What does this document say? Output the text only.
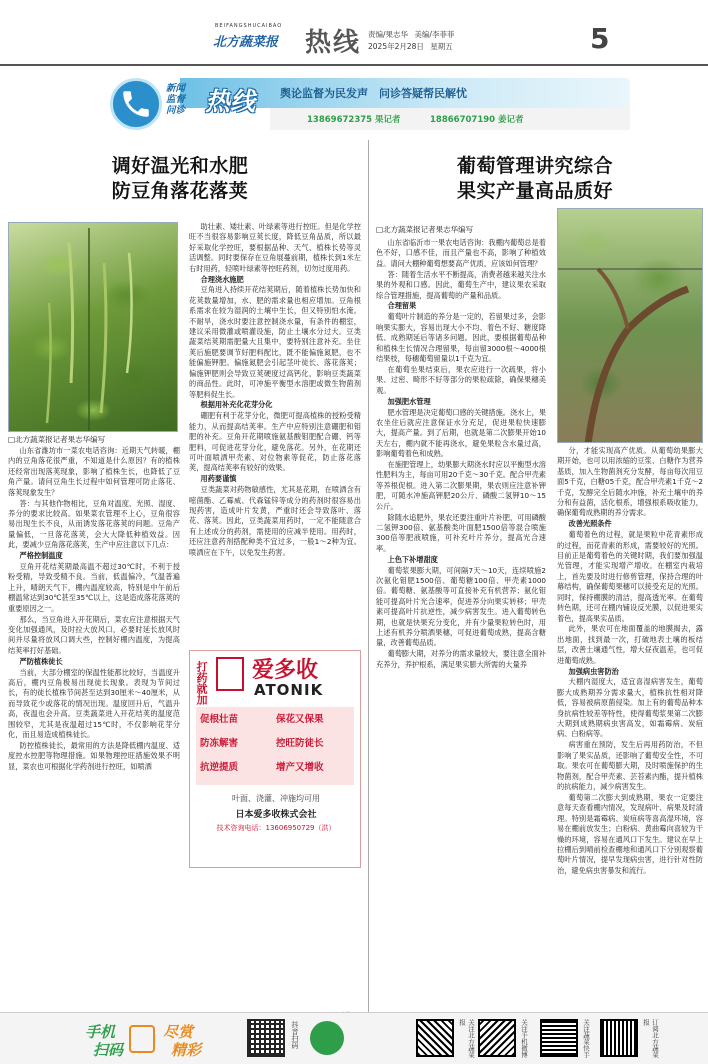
BEIFANGSHUCAIBAO
北方蔬菜报 热线 责编/果志华 美编/李菲菲
2025年2月28日 星期五	5
新闻
监督
问诊 热线 舆论监督为民发声　问诊答疑帮民解忧
13869672375 果记者	18866707190 姜记者
调好温光和水肥
防豆角落花落荚
□北方蔬菜报记者果志华编写

山东省潍坊市一菜农电话咨询：近期天气转暖，棚内的豆角落花很严重，不知道是什么原因？有的植株还经常出现落荚现象，影响了植株生长，也降低了豆角产量。请问豆角生长过程中如何管理可防止落花、落荚现象发生？

答：与其他作物相比，豆角对温度、光照、湿度、养分的要求比较高。如果菜农管理不上心，豆角很容易出现生长不良，从而诱发落花落荚的问题。豆角产量偏低，一旦落花落荚，会大大降低种植效益。因此，要减少豆角落花落荚，生产中应注意以下几点：

严格控制温度

豆角开花结荚期最高温不超过30℃时，不利于授粉受精，导致受精不良。当前，低温偏冷，气温普遍上升，晴朗天气下，棚内温度较高，特别是中午前后棚温常达到30℃甚至35℃以上，这是造成落花落荚的重要原因之一。

那么，当豆角进入开花期后，菜农应注意根据天气变化加强通风，及时拉大放风口，必要时延长放风时间并尽量将放风口调大些，控制好棚内温度，为提高结荚率打好基础。

严防植株徒长

当前，大部分棚室的保温性能都比较好，当温度升高后，棚内豆角极易出现徒长现象。表现为节间过长，有的徒长植株节间甚至达到30厘米～40厘米，从而导致花少或落花的情况出现。温度回升后，气温升高，夜温也会升高。豆类蔬菜进入开花结荚的温度范围较窄，尤其是夜温超过15℃时，不仅影响花芽分化，而且易造成植株徒长。

防控植株徒长，最常用的方法是降低棚内温度、适度控水控肥等物理措施。如果物理控旺措施效果不明显，菜农也可根据化学药剂进行控旺，如喷洒

助壮素、矮壮素、叶绿素等进行控旺。但是化学控旺不当很容易影响豆荚长度，降低豆角品质，所以最好采取化学控旺，要根据品种、天气、植株长势等灵活调整。同时要保存在豆角展蔓前期，植株长到1米左右时用药，轻喷叶绿素等控旺药剂，切勿过度用药。

合理浇水施肥

豆角进入持续开花结荚期后，随着植株长势加快和花荚数量增加，水、肥的需求量也相应增加。豆角根系需求在较为湿润的土壤中生长，但又特别怕水淹。不耐旱，浇水时要注意控制浇水量，有条件的棚室，建议采用微灌或喷灌设施，防止土壤水分过大。豆类蔬菜结荚期需肥量大且集中，要特别注意补充。坐住荚后施肥要调节好肥料配比，既不能偏施氮肥，也不能偏施钾肥。偏施氮肥会引起茎叶徒长、落花落荚；偏施钾肥则会导致豆荚硬度过高钙化，影响豆类蔬菜的商品性。此时，可冲施平衡型水溶肥或微生物菌剂等肥料促生长。

根据用补充化花芽分化

硼肥有利于花芽分化，微肥可提高植株的授粉受精能力，从而提高结荚率。生产中应特别注意硼肥和钼肥的补充。豆角开花期喷施氨基酸钼肥配合硼、钙等肥料，可促进花芽分化，避免落花。另外，在花期还可叶面喷洒甲壳素、对位物素等促花，防止落花落荚，提高结荚率有较好的效果。

用药要谨慎

豆类蔬菜对药物敏感性，尤其是花期，在喷洒含有嘧菌酯、乙霉威、代森锰锌等成分的药剂时很容易出现药害，造成叶片发黄，严重时还会导致落叶、落花、落荚。因此，豆类蔬菜用药时，一定不能随意合有上述成分的药剂，需使用的应减半使用。用药时，还应注意药剂搭配种类不宜过多，一般1～2种为宜。喷洒应在下午，以免发生药害。

打药就加 爱多收
ATONIK
促根壮苗	保花又保果
防冻解害	控旺防徒长
抗逆提质	增产又增收
叶面、浇灌、冲施均可用
日本爱多收株式会社
技术咨询电话：13606950729（洪）
葡萄管理讲究综合
果实产量高品质好
□北方蔬菜报记者果志华编写

山东省临沂市一果农电话咨询：我棚内葡萄总是着色不好，口感不佳，而且产量也不高，影响了种植效益。请问大棚种葡萄想要高产优质，应该如何管理？

答：随着生活水平不断提高，消费者越来越关注水果的外观和口感。因此，葡萄生产中，建议果农采取综合管理措施，提高葡萄的产量和品质。

合理留果

葡萄叶片制造的养分是一定的，若留果过多，会影响果实膨大，容易出现大小不均、着色不好、糖度降低、成熟期延后等诸多问题。因此，要根据葡萄品种和植株生长情况合理留果，每亩留3000根～4000根结果枝，每穗葡萄留量以1千克为宜。

在葡萄坐果结束后，果农应进行一次疏果，将小果、过密、畸形不好等部分的果粒疏除，确保果穗美观。

加强肥水管理

肥水管理是决定葡萄口感的关键措施。浇水上，果农坐住后就应注意保证水分充足，促进果粒快速膨大，提高产量。到了后期，也就是第二次膨果开始10天左右，棚内就不能再浇水，避免果粒含水量过高，影响葡萄着色和成熟。

在施肥管理上，幼果膨大期浇水时应以平衡型水溶性肥料为主，每亩可用20千克～30千克。配合甲壳素等养根促根。进入第二次膨果期，果农则应注意补钾肥，可随水冲施高钾肥20公斤、磷酸二氢钾10～15公斤。

除随水追肥外，果农还要注重叶片补肥，可用磷酸二氢钾300倍、氨基酸类叶面肥1500倍等混合喷施300倍等肥液喷施，可补充叶片养分，提高光合速率。

上色下补增甜度

葡萄浆果膨大期，可间隔7天～10天，连续喷施2次氨化钼肥1500倍、葡萄糖100倍、甲壳素1000倍。葡萄糖、氨基酸等可直接补充有机营养；氨化钼能可提高叶片光合速率，促进养分向果实转移；甲壳素可提高叶片抗逆性，减少病害发生。进入葡萄转色期，也就是快果充分变化，并有少量果粒转色时，用上述有机养分喷洒果穗，可促进葡萄成熟，提高含糖量，改善葡萄品质。

葡萄膨大期，对养分的需求量较大，要注意全面补充养分，养护根系，满足果实膨大所需的大量养

分，才能实现高产优质。从葡萄幼果膨大期开始，也可以用浓缩的豆浆、白糖作为营养基质，加入生物菌剂充分发酵，每亩每次用豆面5千克，白糖05千克，配合甲壳素1千克～2千克，发酵完全后随水冲施，补充土壤中的养分和有益菌，活化根系，增强根系吸收能力，确保葡萄成熟期的养分需求。

改善光照条件

葡萄着色的过程，就是果粒中花青素形成的过程，而花青素的形成，需要较好的光照。目前正是葡萄着色的关键时期，我们要加强温光管理，才能实现增产增收。在棚室内栽培上，首先要及时进行修剪管理，保持合理的叶幕结构，确保葡萄果穗可以接受充足的光照。同时，保持棚膜的清洁，提高透光率。在葡萄转色期，还可在棚内铺设反光膜，以促进果实着色，提高果实品质。

此外，果农可在地面覆盖的地膜揭去，露出地面，找到最一次，打破地表土壤的板结层，改善土壤通气性，增大昼夜温差，也可促进葡萄成熟。

加强病虫害防治

大棚内湿度大，适宜喜湿病害发生，葡萄膨大成熟期养分需求量大，植株抗性相对降低，容易被病原菌侵染。加上有的葡萄品种本身抗病性较差等特性，使得葡萄浆果第二次膨大期到成熟期病虫害高发，如霜霉病、炭疽病、白粉病等。

病害重在预防，发生后再用药防治，不但影响了果实品质，还影响了葡萄安全性，不可取。果农可在葡萄膨大期，及时喷施保护的生物菌剂，配合甲壳素、芸苔素内酯，提升植株的抗病能力，减少病害发生。

葡萄第二次膨大到成熟期，果农一定要注意每天查看棚内情况，发现病叶、病果及时清理。特别是霜霉病、炭疽病等喜高湿环境，容易在棚前放发生；白粉病、黄曲霉向喜较为干燥的环境，容易在通风口下发生。建议在早上拉棚后到晴前检查棚地和通风口下分别观察葡萄叶片情况，提早发现病虫害，进行针对性防治，避免病虫害暴发和流行。

手机
扫码
尽赏
精彩
抖音扫码	关注北方蔬菜报	关注手机微博	关注蔬菜快手	订阅北方蔬菜报
